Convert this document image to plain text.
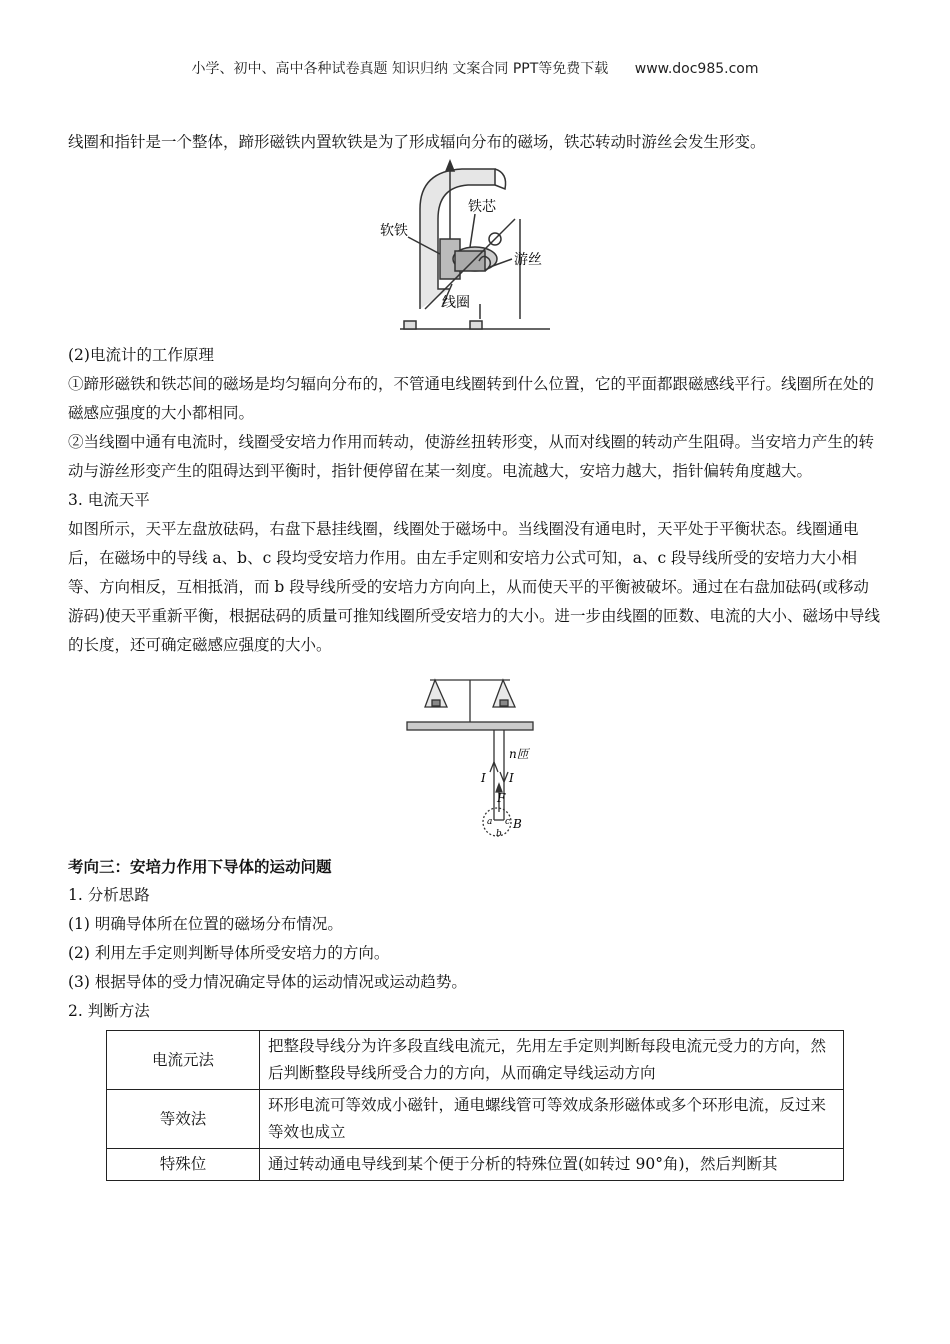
小学、初中、高中各种试卷真题 知识归纳 文案合同 PPT等免费下载 www.doc985.com

线圈和指针是一个整体，蹄形磁铁内置软铁是为了形成辐向分布的磁场，铁芯转动时游丝会发生形变。

铁芯
软铁
游丝
线圈

(2)电流计的工作原理

①蹄形磁铁和铁芯间的磁场是均匀辐向分布的，不管通电线圈转到什么位置，它的平面都跟磁感线平行。线圈所在处的磁感应强度的大小都相同。

②当线圈中通有电流时，线圈受安培力作用而转动，使游丝扭转形变，从而对线圈的转动产生阻碍。当安培力产生的转动与游丝形变产生的阻碍达到平衡时，指针便停留在某一刻度。电流越大，安培力越大，指针偏转角度越大。

3. 电流天平

如图所示，天平左盘放砝码，右盘下悬挂线圈，线圈处于磁场中。当线圈没有通电时，天平处于平衡状态。线圈通电后，在磁场中的导线 a、b、c 段均受安培力作用。由左手定则和安培力公式可知，a、c 段导线所受的安培力大小相等、方向相反，互相抵消，而 b 段导线所受的安培力方向向上，从而使天平的平衡被破坏。通过在右盘加砝码(或移动游码)使天平重新平衡，根据砝码的质量可推知线圈所受安培力的大小。进一步由线圈的匝数、电流的大小、磁场中导线的长度，还可确定磁感应强度的大小。

n匝
I I
F
B
a
b
c

考向三：安培力作用下导体的运动问题

1. 分析思路

(1) 明确导体所在位置的磁场分布情况。

(2) 利用左手定则判断导体所受安培力的方向。

(3) 根据导体的受力情况确定导体的运动情况或运动趋势。

2. 判断方法

电流元法	把整段导线分为许多段直线电流元，先用左手定则判断每段电流元受力的方向，然后判断整段导线所受合力的方向，从而确定导线运动方向
等效法	环形电流可等效成小磁针，通电螺线管可等效成条形磁体或多个环形电流，反过来等效也成立
特殊位	通过转动通电导线到某个便于分析的特殊位置(如转过 90°角)，然后判断其
